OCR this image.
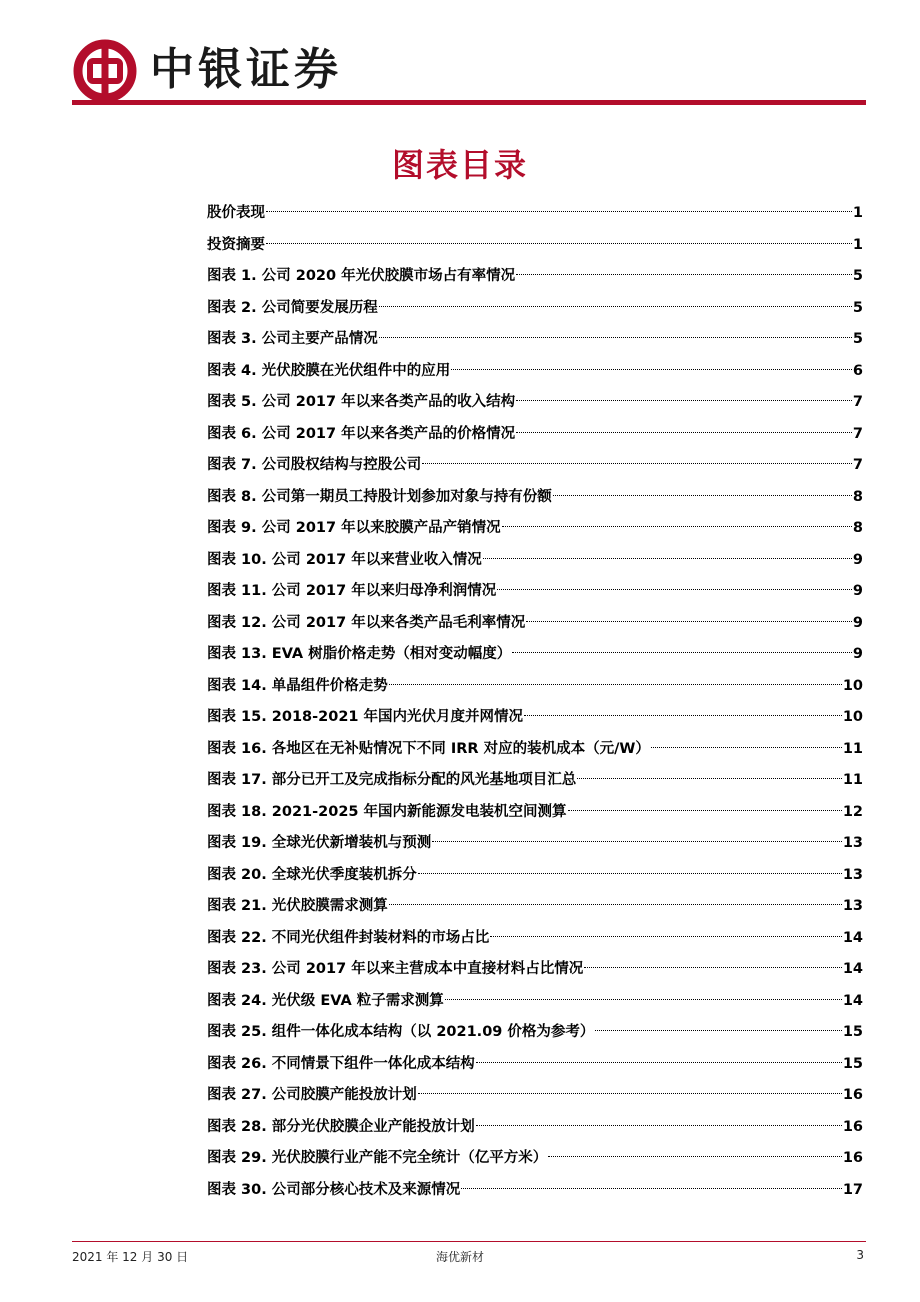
中银证券
图表目录
股价表现	1
投资摘要	1
图表 1. 公司 2020 年光伏胶膜市场占有率情况	5
图表 2. 公司简要发展历程	5
图表 3. 公司主要产品情况	5
图表 4. 光伏胶膜在光伏组件中的应用	6
图表 5. 公司 2017 年以来各类产品的收入结构	7
图表 6. 公司 2017 年以来各类产品的价格情况	7
图表 7. 公司股权结构与控股公司	7
图表 8. 公司第一期员工持股计划参加对象与持有份额	8
图表 9. 公司 2017 年以来胶膜产品产销情况	8
图表 10. 公司 2017 年以来营业收入情况	9
图表 11. 公司 2017 年以来归母净利润情况	9
图表 12. 公司 2017 年以来各类产品毛利率情况	9
图表 13. EVA 树脂价格走势（相对变动幅度）	9
图表 14. 单晶组件价格走势	10
图表 15. 2018-2021 年国内光伏月度并网情况	10
图表 16. 各地区在无补贴情况下不同 IRR 对应的装机成本（元/W）	11
图表 17. 部分已开工及完成指标分配的风光基地项目汇总	11
图表 18. 2021-2025 年国内新能源发电装机空间测算	12
图表 19. 全球光伏新增装机与预测	13
图表 20. 全球光伏季度装机拆分	13
图表 21. 光伏胶膜需求测算	13
图表 22. 不同光伏组件封装材料的市场占比	14
图表 23. 公司 2017 年以来主营成本中直接材料占比情况	14
图表 24. 光伏级 EVA 粒子需求测算	14
图表 25. 组件一体化成本结构（以 2021.09 价格为参考）	15
图表 26. 不同情景下组件一体化成本结构	15
图表 27. 公司胶膜产能投放计划	16
图表 28. 部分光伏胶膜企业产能投放计划	16
图表 29. 光伏胶膜行业产能不完全统计（亿平方米）	16
图表 30. 公司部分核心技术及来源情况	17
2021 年 12 月 30 日	海优新材	3
